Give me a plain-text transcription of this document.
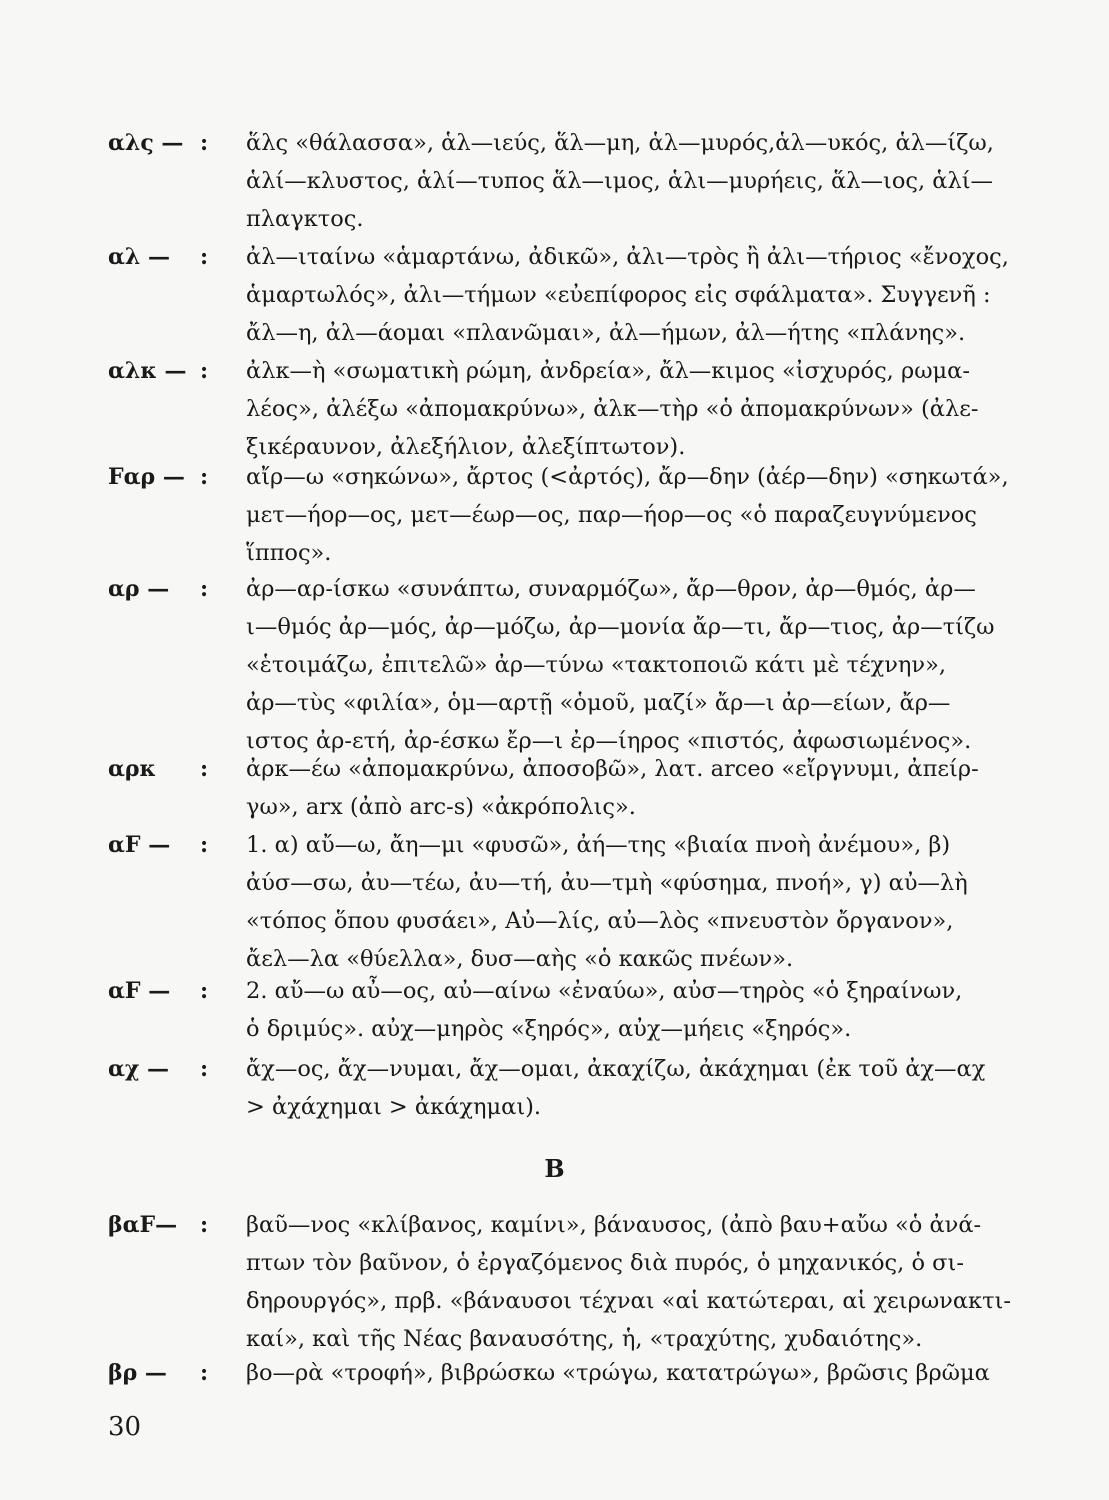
αλς — :	ἅλς «θάλασσα», ἁλ—ιεύς, ἅλ—μη, ἁλ—μυρός,ἁλ—υκός, ἁλ—ίζω,
ἁλί—κλυστος, ἁλί—τυπος ἅλ—ιμος, ἁλι—μυρήεις, ἅλ—ιος, ἁλί—
πλαγκτος.
αλ —	:	ἀλ—ιταίνω «ἁμαρτάνω, ἀδικῶ», ἀλι—τρὸς ἢ ἀλι—τήριος «ἔνοχος,
ἁμαρτωλός», ἀλι—τήμων «εὐεπίφορος εἰς σφάλματα». Συγγενῆ :
ἄλ—η, ἀλ—άομαι «πλανῶμαι», ἀλ—ήμων, ἀλ—ήτης «πλάνης».
αλκ — :	ἀλκ—ὴ «σωματικὴ ρώμη, ἀνδρεία», ἄλ—κιμος «ἰσχυρός, ρωμα-
λέος», ἀλέξω «ἀπομακρύνω», ἀλκ—τὴρ «ὁ ἀπομακρύνων» (ἀλε-
ξικέραυνον, ἀλεξήλιον, ἀλεξίπτωτον).
Fαρ — :	αἴρ—ω «σηκώνω», ἄρτος (<ἀρτός), ἄρ—δην (ἀέρ—δην) «σηκωτά»,
μετ—ήορ—ος, μετ—έωρ—ος, παρ—ήορ—ος «ὁ παραζευγνύμενος
ἵππος».
αρ —	:	ἀρ—αρ-ίσκω «συνάπτω, συναρμόζω», ἄρ—θρον, ἀρ—θμός, ἀρ—
ι—θμός ἀρ—μός, ἀρ—μόζω, ἀρ—μονία ἄρ—τι, ἄρ—τιος, ἀρ—τίζω
«ἑτοιμάζω, ἐπιτελῶ» ἀρ—τύνω «τακτοποιῶ κάτι μὲ τέχνην»,
ἀρ—τὺς «φιλία», ὁμ—αρτῇ «ὁμοῦ, μαζί» ἄρ—ι ἀρ—είων, ἄρ—
ιστος ἀρ-ετή, ἀρ-έσκω ἔρ—ι ἐρ—ίηρος «πιστός, ἀφωσιωμένος».
αρκ	:	ἀρκ—έω «ἀπομακρύνω, ἀποσοβῶ», λατ. arceo «εἴργνυμι, ἀπείρ-
γω», arx (ἀπὸ arc-s) «ἀκρόπολις».
αF —	:	1. α) αὔ—ω, ἄη—μι «φυσῶ», ἀή—της «βιαία πνοὴ ἀνέμου», β)
ἀύσ—σω, ἀυ—τέω, ἀυ—τή, ἀυ—τμὴ «φύσημα, πνοή», γ) αὐ—λὴ
«τόπος ὅπου φυσάει», Αὐ—λίς, αὐ—λὸς «πνευστὸν ὄργανον»,
ἄελ—λα «θύελλα», δυσ—αὴς «ὁ κακῶς πνέων».
αF —	:	2. αὔ—ω αὖ—ος, αὐ—αίνω «ἐναύω», αὐσ—τηρὸς «ὁ ξηραίνων,
ὁ δριμύς». αὐχ—μηρὸς «ξηρός», αὐχ—μήεις «ξηρός».
αχ —	:	ἄχ—ος, ἄχ—νυμαι, ἄχ—ομαι, ἀκαχίζω, ἀκάχημαι (ἐκ τοῦ ἀχ—αχ
> ἀχάχημαι > ἀκάχημαι).
Β
βαF—	:	βαῦ—νος «κλίβανος, καμίνι», βάναυσος, (ἀπὸ βαυ+αὔω «ὁ ἀνά-
πτων τὸν βαῦνον, ὁ ἐργαζόμενος διὰ πυρός, ὁ μηχανικός, ὁ σι-
δηρουργός», πρβ. «βάναυσοι τέχναι «αἱ κατώτεραι, αἱ χειρωνακτι-
καί», καὶ τῆς Νέας βαναυσότης, ἡ, «τραχύτης, χυδαιότης».
βρ —	:	βο—ρὰ «τροφή», βιβρώσκω «τρώγω, κατατρώγω», βρῶσις βρῶμα
30
